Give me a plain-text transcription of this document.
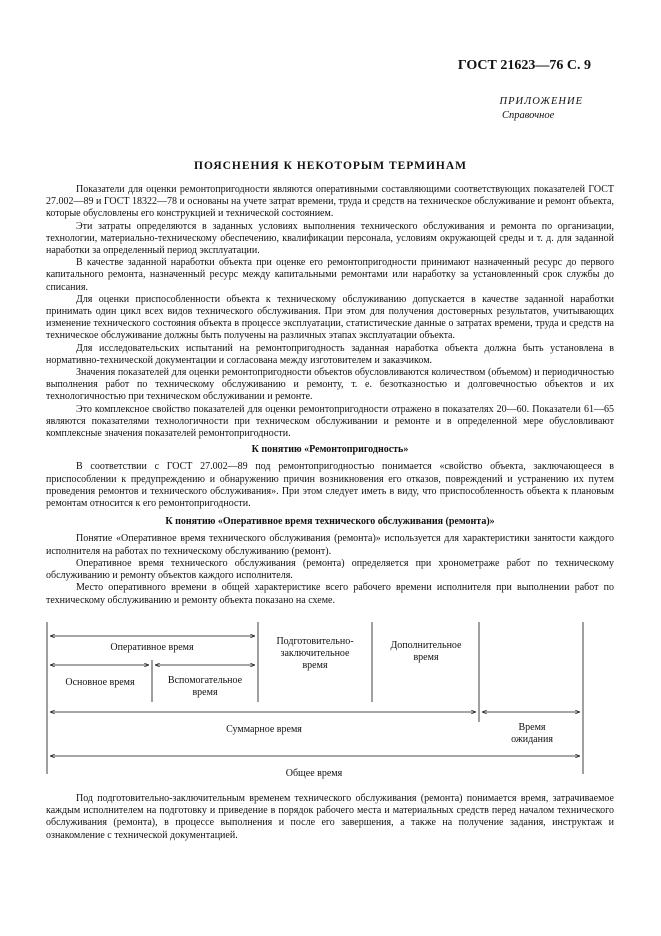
ГОСТ 21623—76 С. 9
ПРИЛОЖЕНИЕ
Справочное
ПОЯСНЕНИЯ К НЕКОТОРЫМ ТЕРМИНАМ

Показатели для оценки ремонтопригодности являются оперативными составляющими соответствующих показателей ГОСТ 27.002—89 и ГОСТ 18322—78 и основаны на учете затрат времени, труда и средств на техническое обслуживание и ремонт объекта, которые обусловлены его конструкцией и технической состоянием.

Эти затраты определяются в заданных условиях выполнения технического обслуживания и ремонта по организации, технологии, материально-техническому обеспечению, квалификации персонала, условиям окружающей среды и т. д. для заданной наработки за определенный период эксплуатации.

В качестве заданной наработки объекта при оценке его ремонтопригодности принимают назначенный ресурс до первого капитального ремонта, назначенный ресурс между капитальными ремонтами или наработку за установленный срок службы до списания.

Для оценки приспособленности объекта к техническому обслуживанию допускается в качестве заданной наработки принимать один цикл всех видов технического обслуживания. При этом для получения достоверных результатов, учитывающих изменение технического состояния объекта в процессе эксплуатации, статистические данные о затратах времени, труда и средств на техническое обслуживание должны быть получены на различных этапах эксплуатации объекта.

Для исследовательских испытаний на ремонтопригодность заданная наработка объекта должна быть установлена в нормативно-технической документации и согласована между изготовителем и заказчиком.

Значения показателей для оценки ремонтопригодности объектов обусловливаются количеством (объемом) и периодичностью выполнения работ по техническому обслуживанию и ремонту, т. е. безотказностью и долговечностью объектов и их технологичностью при техническом обслуживании и ремонте.

Это комплексное свойство показателей для оценки ремонтопригодности отражено в показателях 20—60. Показатели 61—65 являются показателями технологичности при техническом обслуживании и ремонте и в определенной мере обусловливают комплексные значения показателей ремонтопригодности.

К понятию «Ремонтопригодность»

В соответствии с ГОСТ 27.002—89 под ремонтопригодностью понимается «свойство объекта, заключающееся в приспособлении к предупреждению и обнаружению причин возникновения его отказов, повреждений и устранению их путем проведения ремонтов и технического обслуживания». При этом следует иметь в виду, что приспособленность объекта к плановым ремонтам относится к его ремонтопригодности.

К понятию «Оперативное время технического обслуживания (ремонта)»

Понятие «Оперативное время технического обслуживания (ремонта)» используется для характеристики занятости каждого исполнителя на работах по техническому обслуживанию (ремонт).

Оперативное время технического обслуживания (ремонта) определяется при хронометраже работ по техническому обслуживанию и ремонту объектов каждого исполнителя.

Место оперативного времени в общей характеристике всего рабочего времени исполнителя при выполнении работ по техническому обслуживанию и ремонту объекта показано на схеме.

Оперативное время
Подготовительно-
заключительное
время
Дополнительное
время
Основное время	Вспомогательное
время
Суммарное время	Время
ожидания
Общее время

Под подготовительно-заключительным временем технического обслуживания (ремонта) понимается время, затрачиваемое каждым исполнителем на подготовку и приведение в порядок рабочего места и материальных средств перед началом технического обслуживания (ремонта), в процессе выполнения и после его завершения, а также на получение задания, инструктаж и ознакомление с технической документацией.
